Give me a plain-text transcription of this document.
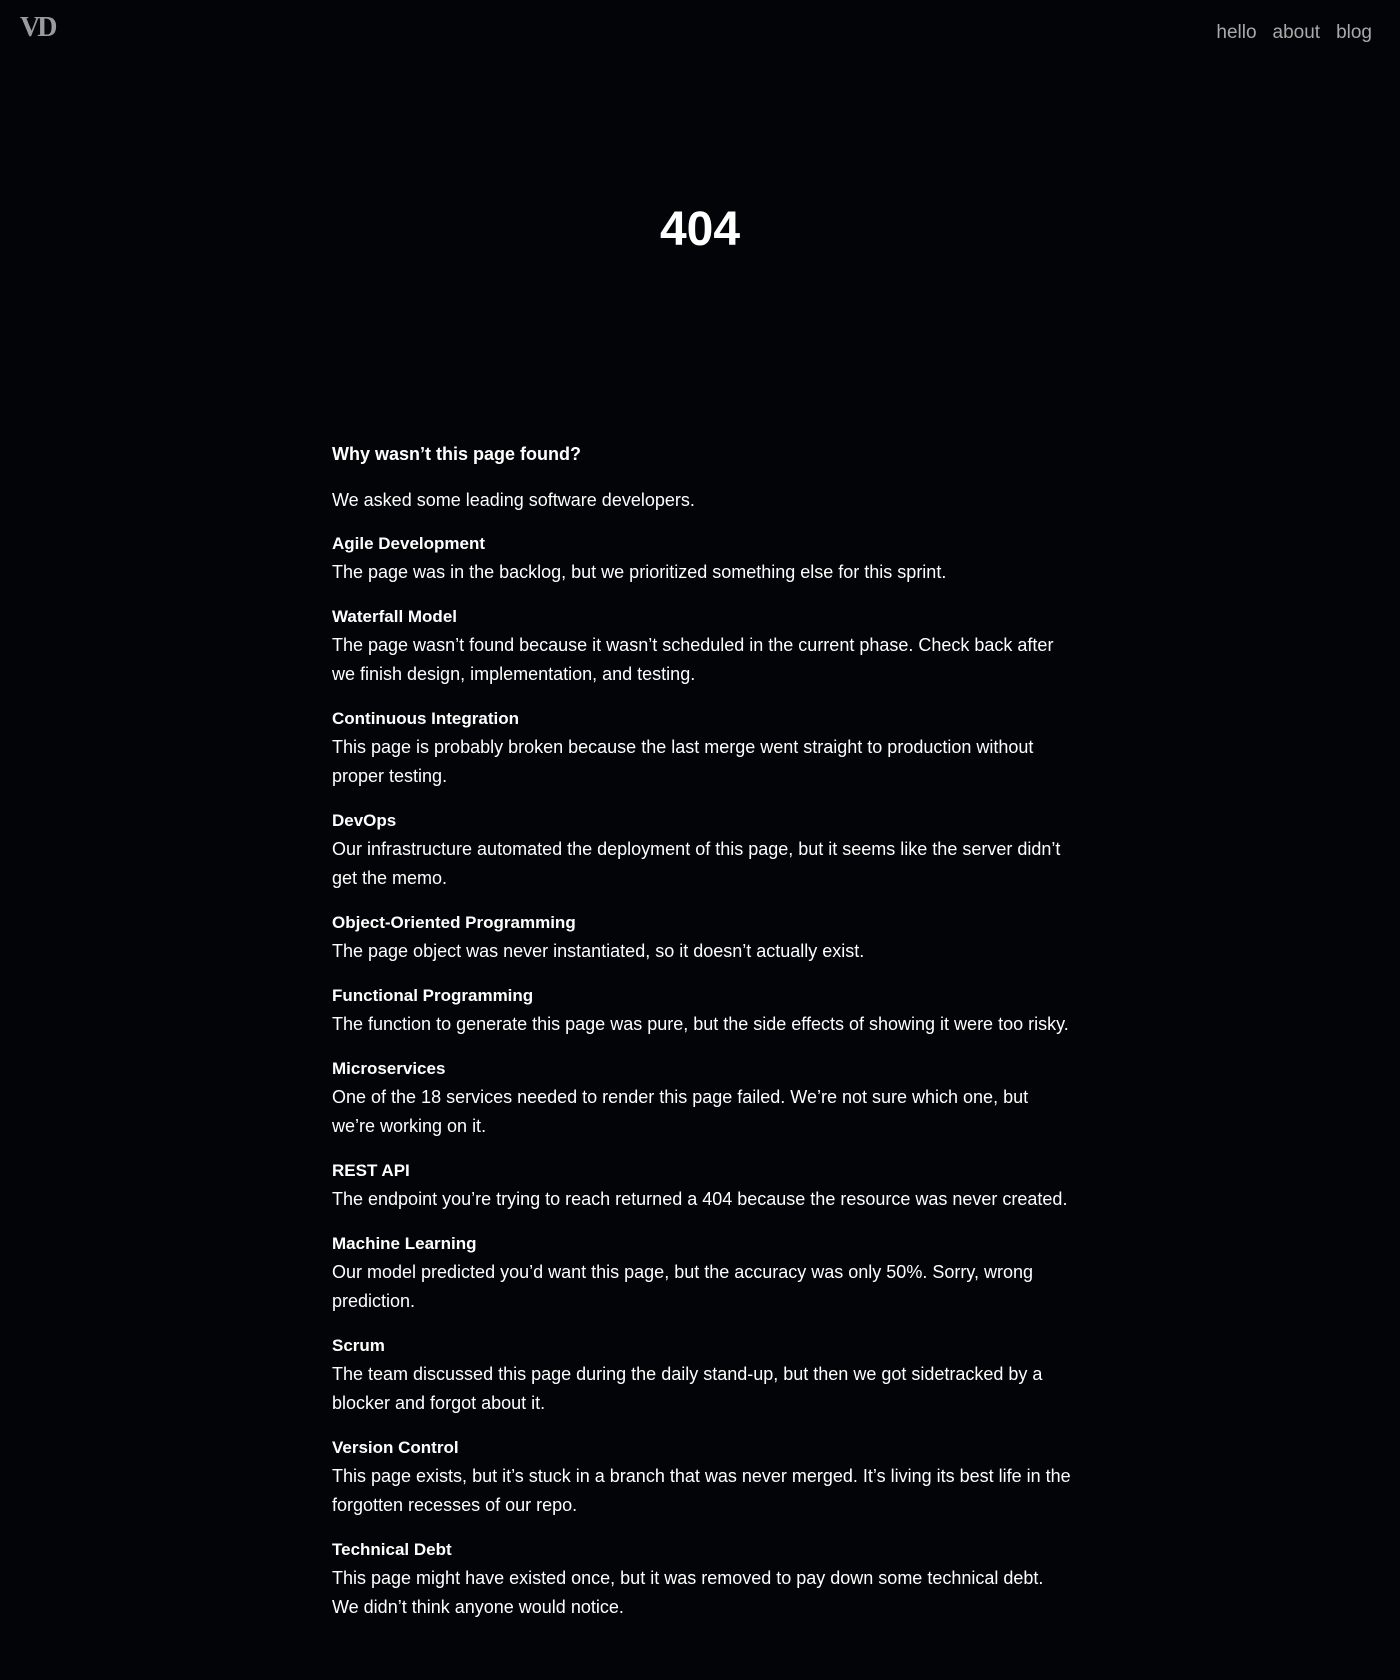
VD	hello about blog
404

Why wasn’t this page found?

We asked some leading software developers.

Agile Development

The page was in the backlog, but we prioritized something else for this sprint.

Waterfall Model

The page wasn’t found because it wasn’t scheduled in the current phase. Check back after we finish design, implementation, and testing.

Continuous Integration

This page is probably broken because the last merge went straight to production without proper testing.

DevOps

Our infrastructure automated the deployment of this page, but it seems like the server didn’t get the memo.

Object-Oriented Programming

The page object was never instantiated, so it doesn’t actually exist.

Functional Programming

The function to generate this page was pure, but the side effects of showing it were too risky.

Microservices

One of the 18 services needed to render this page failed. We’re not sure which one, but we’re working on it.

REST API

The endpoint you’re trying to reach returned a 404 because the resource was never created.

Machine Learning

Our model predicted you’d want this page, but the accuracy was only 50%. Sorry, wrong prediction.

Scrum

The team discussed this page during the daily stand-up, but then we got sidetracked by a blocker and forgot about it.

Version Control

This page exists, but it’s stuck in a branch that was never merged. It’s living its best life in the forgotten recesses of our repo.

Technical Debt

This page might have existed once, but it was removed to pay down some technical debt. We didn’t think anyone would notice.
